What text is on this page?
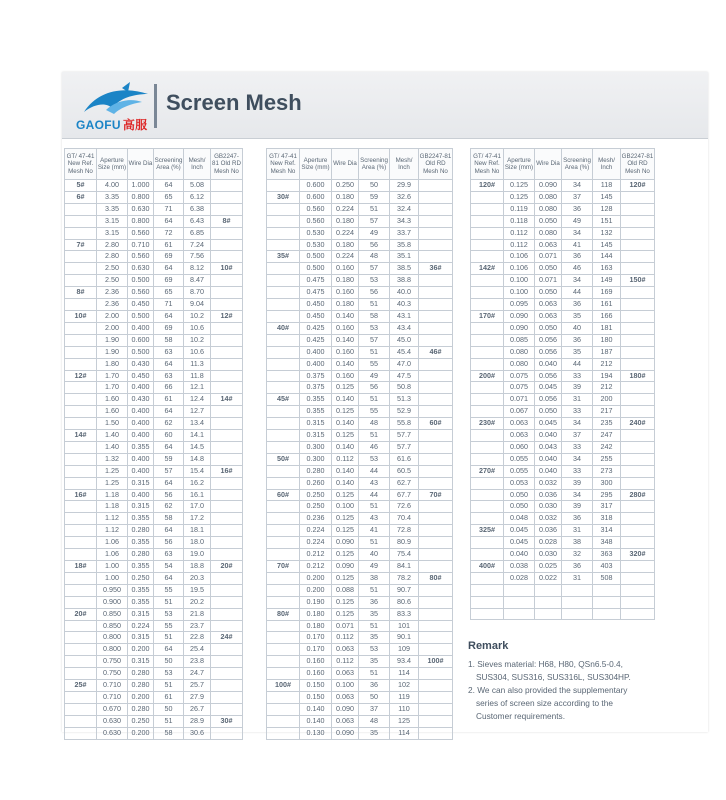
GAOFU 高服
Screen Mesh
GT/ 47-41 New Ref. Mesh No	Aperture Size (mm)	Wire Dia	Screening Area (%)	Mesh/ Inch	GB2247-81 Old RD Mesh No
5#	4.00	1.000	64	5.08	
6#	3.35	0.800	65	6.12	
	3.35	0.630	71	6.38	
	3.15	0.800	64	6.43	8#
	3.15	0.560	72	6.85	
7#	2.80	0.710	61	7.24	
	2.80	0.560	69	7.56	
	2.50	0.630	64	8.12	10#
	2.50	0.500	69	8.47	
8#	2.36	0.560	65	8.70	
	2.36	0.450	71	9.04	
10#	2.00	0.500	64	10.2	12#
	2.00	0.400	69	10.6	
	1.90	0.600	58	10.2	
	1.90	0.500	63	10.6	
	1.80	0.430	64	11.3	
12#	1.70	0.450	63	11.8	
	1.70	0.400	66	12.1	
	1.60	0.430	61	12.4	14#
	1.60	0.400	64	12.7	
	1.50	0.400	62	13.4	
14#	1.40	0.400	60	14.1	
	1.40	0.355	64	14.5	
	1.32	0.400	59	14.8	
	1.25	0.400	57	15.4	16#
	1.25	0.315	64	16.2	
16#	1.18	0.400	56	16.1	
	1.18	0.315	62	17.0	
	1.12	0.355	58	17.2	
	1.12	0.280	64	18.1	
	1.06	0.355	56	18.0	
	1.06	0.280	63	19.0	
18#	1.00	0.355	54	18.8	20#
	1.00	0.250	64	20.3	
	0.950	0.355	55	19.5	
	0.900	0.355	51	20.2	
20#	0.850	0.315	53	21.8	
	0.850	0.224	55	23.7	
	0.800	0.315	51	22.8	24#
	0.800	0.200	64	25.4	
	0.750	0.315	50	23.8	
	0.750	0.280	53	24.7	
25#	0.710	0.280	51	25.7	
	0.710	0.200	61	27.9	
	0.670	0.280	50	26.7	
	0.630	0.250	51	28.9	30#
	0.630	0.200	58	30.6	
GT/ 47-41 New Ref. Mesh No	Aperture Size (mm)	Wire Dia	Screening Area (%)	Mesh/ Inch	GB2247-81 Old RD Mesh No
	0.600	0.250	50	29.9	
30#	0.600	0.180	59	32.6	
	0.560	0.224	51	32.4	
	0.560	0.180	57	34.3	
	0.530	0.224	49	33.7	
	0.530	0.180	56	35.8	
35#	0.500	0.224	48	35.1	
	0.500	0.160	57	38.5	36#
	0.475	0.180	53	38.8	
	0.475	0.160	56	40.0	
	0.450	0.180	51	40.3	
	0.450	0.140	58	43.1	
40#	0.425	0.160	53	43.4	
	0.425	0.140	57	45.0	
	0.400	0.160	51	45.4	46#
	0.400	0.140	55	47.0	
	0.375	0.160	49	47.5	
	0.375	0.125	56	50.8	
45#	0.355	0.140	51	51.3	
	0.355	0.125	55	52.9	
	0.315	0.140	48	55.8	60#
	0.315	0.125	51	57.7	
	0.300	0.140	46	57.7	
50#	0.300	0.112	53	61.6	
	0.280	0.140	44	60.5	
	0.260	0.140	43	62.7	
60#	0.250	0.125	44	67.7	70#
	0.250	0.100	51	72.6	
	0.236	0.125	43	70.4	
	0.224	0.125	41	72.8	
	0.224	0.090	51	80.9	
	0.212	0.125	40	75.4	
70#	0.212	0.090	49	84.1	
	0.200	0.125	38	78.2	80#
	0.200	0.088	51	90.7	
	0.190	0.125	36	80.6	
80#	0.180	0.125	35	83.3	
	0.180	0.071	51	101	
	0.170	0.112	35	90.1	
	0.170	0.063	53	109	
	0.160	0.112	35	93.4	100#
	0.160	0.063	51	114	
100#	0.150	0.100	36	102	
	0.150	0.063	50	119	
	0.140	0.090	37	110	
	0.140	0.063	48	125	
	0.130	0.090	35	114	
GT/ 47-41 New Ref. Mesh No	Aperture Size (mm)	Wire Dia	Screening Area (%)	Mesh/ Inch	GB2247-81 Old RD Mesh No
120#	0.125	0.090	34	118	120#
	0.125	0.080	37	145	
	0.119	0.080	36	128	
	0.118	0.050	49	151	
	0.112	0.080	34	132	
	0.112	0.063	41	145	
	0.106	0.071	36	144	
142#	0.106	0.050	46	163	
	0.100	0.071	34	149	150#
	0.100	0.050	44	169	
	0.095	0.063	36	161	
170#	0.090	0.063	35	166	
	0.090	0.050	40	181	
	0.085	0.056	36	180	
	0.080	0.056	35	187	
	0.080	0.040	44	212	
200#	0.075	0.056	33	194	180#
	0.075	0.045	39	212	
	0.071	0.056	31	200	
	0.067	0.050	33	217	
230#	0.063	0.045	34	235	240#
	0.063	0.040	37	247	
	0.060	0.043	33	242	
	0.055	0.040	34	255	
270#	0.055	0.040	33	273	
	0.053	0.032	39	300	
	0.050	0.036	34	295	280#
	0.050	0.030	39	317	
	0.048	0.032	36	318	
325#	0.045	0.036	31	314	
	0.045	0.028	38	348	
	0.040	0.030	32	363	320#
400#	0.038	0.025	36	403	
	0.028	0.022	31	508	

Remark

1. Sieves material: H68, H80, QSn6.5-0.4,

SUS304, SUS316, SUS316L, SUS304HP.

2. We can also provided the supplementary

series of screen size according to the

Customer requirements.
